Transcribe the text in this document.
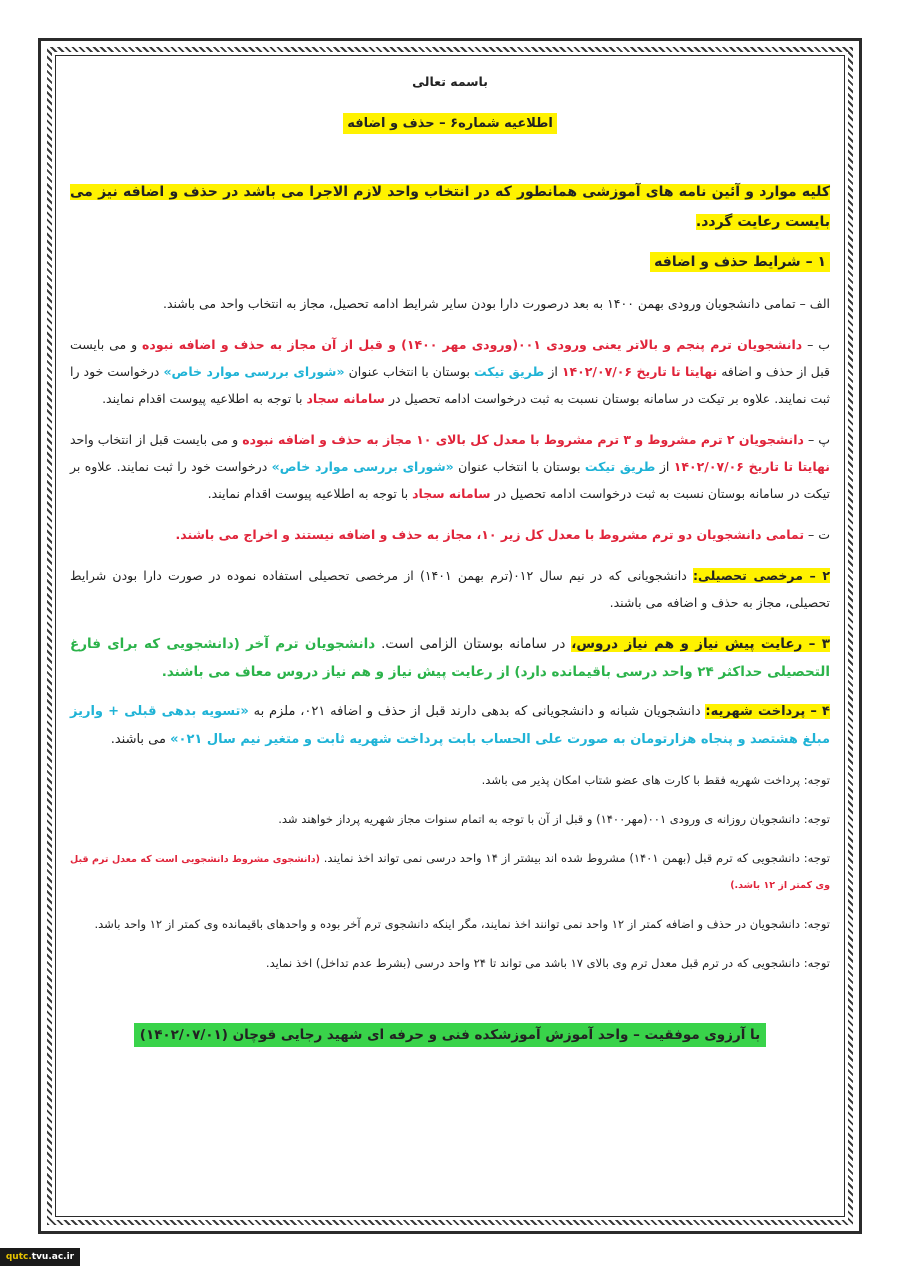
باسمه تعالی

اطلاعیه شماره۶ – حذف و اضافه

کلیه موارد و آئین نامه های آموزشی همانطور که در انتخاب واحد لازم الاجرا می باشد در حذف و اضافه نیز می بایست رعایت گردد.

۱ – شرایط حذف و اضافه

الف – تمامی دانشجویان ورودی بهمن ۱۴۰۰ به بعد درصورت دارا بودن سایر شرایط ادامه تحصیل، مجاز به انتخاب واحد می باشند.

ب – دانشجویان ترم پنجم و بالاتر یعنی ورودی ۰۰۱(ورودی مهر ۱۴۰۰) و قبل از آن مجاز به حذف و اضافه نبوده و می بایست قبل از حذف و اضافه نهایتا تا تاریخ ۱۴۰۲/۰۷/۰۶ از طریق تیکت بوستان با انتخاب عنوان «شورای بررسی موارد خاص» درخواست خود را ثبت نمایند. علاوه بر تیکت در سامانه بوستان نسبت به ثبت درخواست ادامه تحصیل در سامانه سجاد با توجه به اطلاعیه پیوست اقدام نمایند.

پ – دانشجویان ۲ ترم مشروط و ۳ ترم مشروط با معدل کل بالای ۱۰ مجاز به حذف و اضافه نبوده و می بایست قبل از انتخاب واحد نهایتا تا تاریخ ۱۴۰۲/۰۷/۰۶ از طریق تیکت بوستان با انتخاب عنوان «شورای بررسی موارد خاص» درخواست خود را ثبت نمایند. علاوه بر تیکت در سامانه بوستان نسبت به ثبت درخواست ادامه تحصیل در سامانه سجاد با توجه به اطلاعیه پیوست اقدام نمایند.

ت – تمامی دانشجویان دو ترم مشروط با معدل کل زیر ۱۰، مجاز به حذف و اضافه نیستند و اخراج می باشند.

۲ – مرخصی تحصیلی: دانشجویانی که در نیم سال ۰۱۲(ترم بهمن ۱۴۰۱) از مرخصی تحصیلی استفاده نموده در صورت دارا بودن شرایط تحصیلی، مجاز به حذف و اضافه می باشند.

۳ – رعایت پیش نیاز و هم نیاز دروس، در سامانه بوستان الزامی است. دانشجویان ترم آخر (دانشجویی که برای فارغ التحصیلی حداکثر ۲۴ واحد درسی باقیمانده دارد) از رعایت پیش نیاز و هم نیاز دروس معاف می باشند.

۴ – پرداخت شهریه: دانشجویان شبانه و دانشجویانی که بدهی دارند قبل از حذف و اضافه ۰۲۱، ملزم به «تسویه بدهی قبلی + واریز مبلغ هشتصد و پنجاه هزارتومان به صورت علی الحساب بابت پرداخت شهریه ثابت و متغیر نیم سال ۰۲۱» می باشند.

توجه: پرداخت شهریه فقط با کارت های عضو شتاب امکان پذیر می باشد.

توجه: دانشجویان روزانه ی ورودی ۰۰۱(مهر۱۴۰۰) و قبل از آن با توجه به اتمام سنوات مجاز شهریه پرداز خواهند شد.

توجه: دانشجویی که ترم قبل (بهمن ۱۴۰۱) مشروط شده اند بیشتر از ۱۴ واحد درسی نمی تواند اخذ نمایند. (دانشجوی مشروط دانشجویی است که معدل ترم قبل وی کمتر از ۱۲ باشد.)

توجه: دانشجویان در حذف و اضافه کمتر از ۱۲ واحد نمی توانند اخذ نمایند، مگر اینکه دانشجوی ترم آخر بوده و واحدهای باقیمانده وی کمتر از ۱۲ واحد باشد.

توجه: دانشجویی که در ترم قبل معدل ترم وی بالای ۱۷ باشد می تواند تا ۲۴ واحد درسی (بشرط عدم تداخل) اخذ نماید.

با آرزوی موفقیت – واحد آموزش آموزشکده فنی و حرفه ای شهید رجایی قوچان (۱۴۰۲/۰۷/۰۱)

qutc.tvu.ac.ir
